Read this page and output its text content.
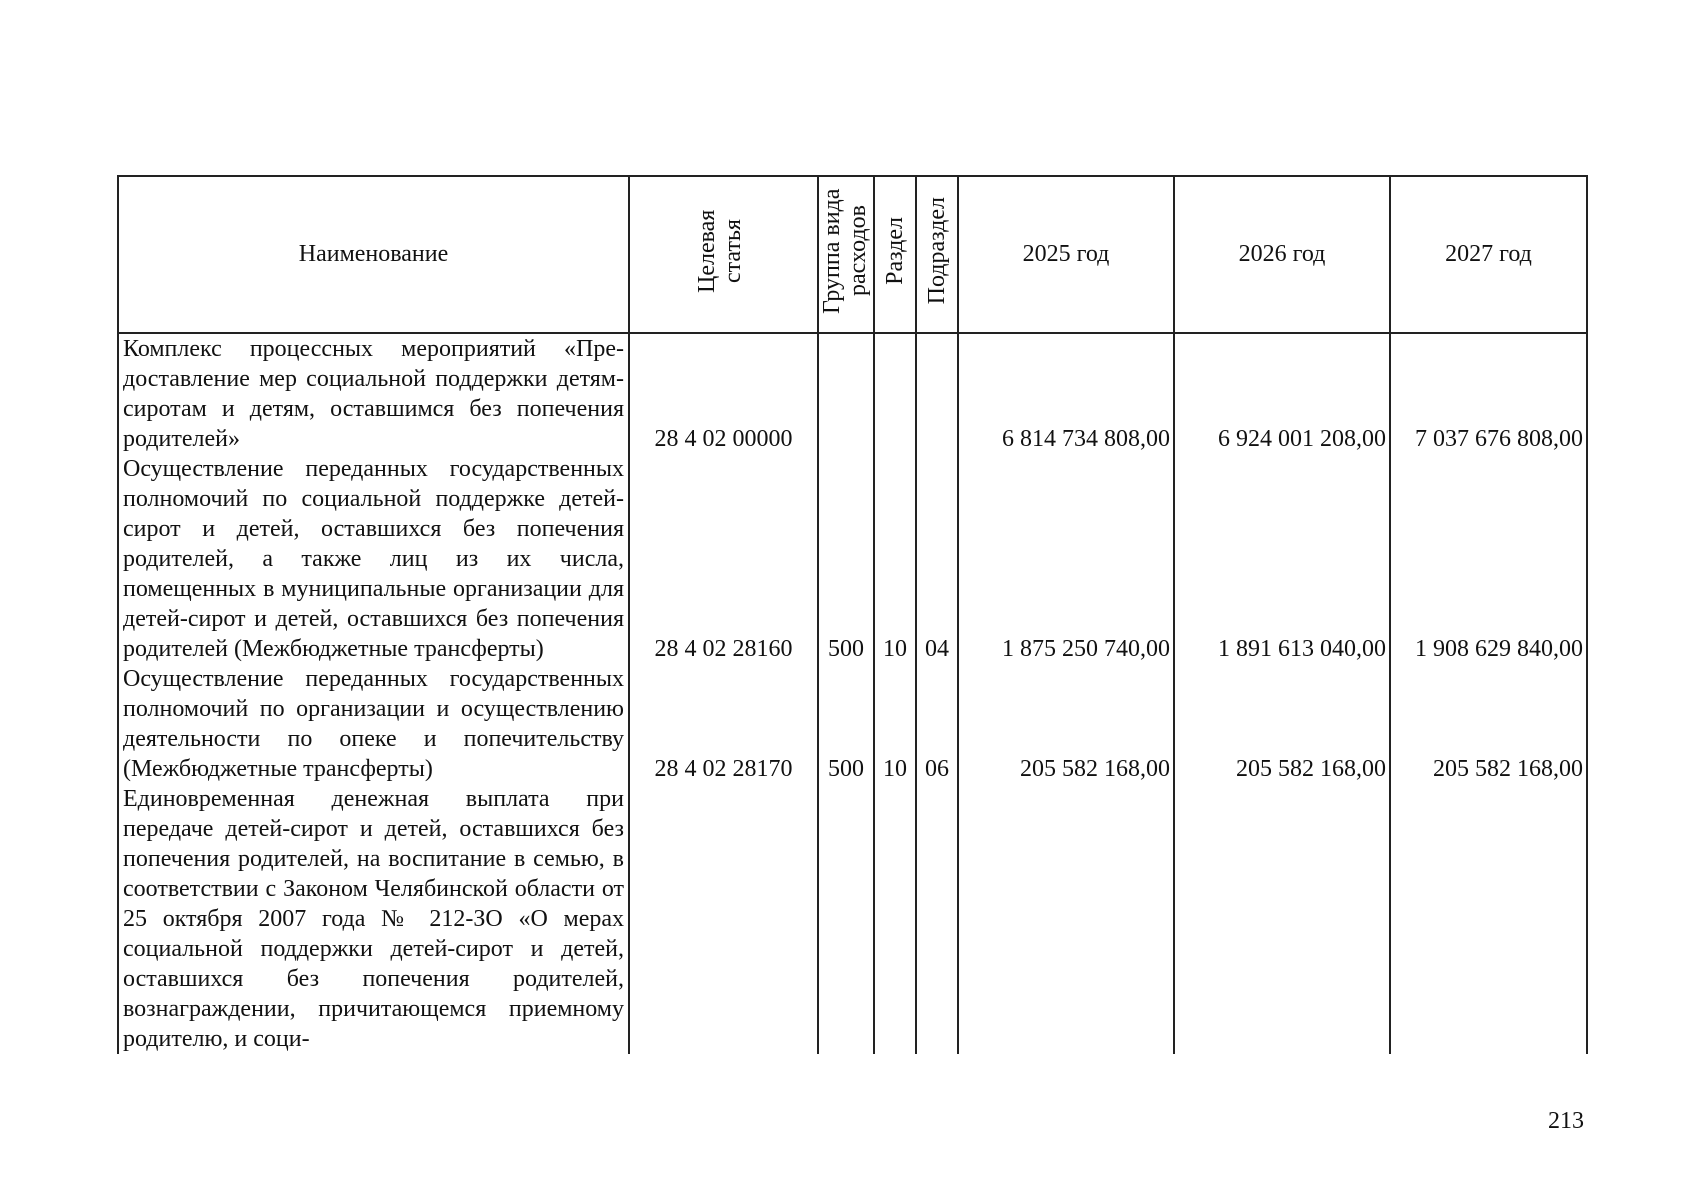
Наименование	Целевая статья	Группа вида расходов	Раздел	Подраздел	2025 год	2026 год	2027 год
Комплекс процессных мероприятий «Предоставление мер социальной поддержки детям-сиротам и детям, оставшимся без попечения родителей»	28 4 02 00000				6 814 734 808,00	6 924 001 208,00	7 037 676 808,00
Осуществление переданных государственных полномочий по социальной поддержке детей-сирот и детей, оставшихся без попечения родителей, а также лиц из их числа, помещенных в муниципальные организации для детей-сирот и детей, оставшихся без попечения родителей (Межбюджетные трансферты)	28 4 02 28160	500	10	04	1 875 250 740,00	1 891 613 040,00	1 908 629 840,00
Осуществление переданных государственных полномочий по организации и осуществлению деятельности по опеке и попечительству (Межбюджетные трансферты)	28 4 02 28170	500	10	06	205 582 168,00	205 582 168,00	205 582 168,00
Единовременная денежная выплата при передаче детей-сирот и детей, оставшихся без попечения родителей, на воспитание в семью, в соответствии с Законом Челябинской области от 25 октября 2007 года № 212-ЗО «О мерах социальной поддержки детей-сирот и детей, оставшихся без попечения родителей, вознаграждении, причитающемся приемному родителю, и соци-							
213
